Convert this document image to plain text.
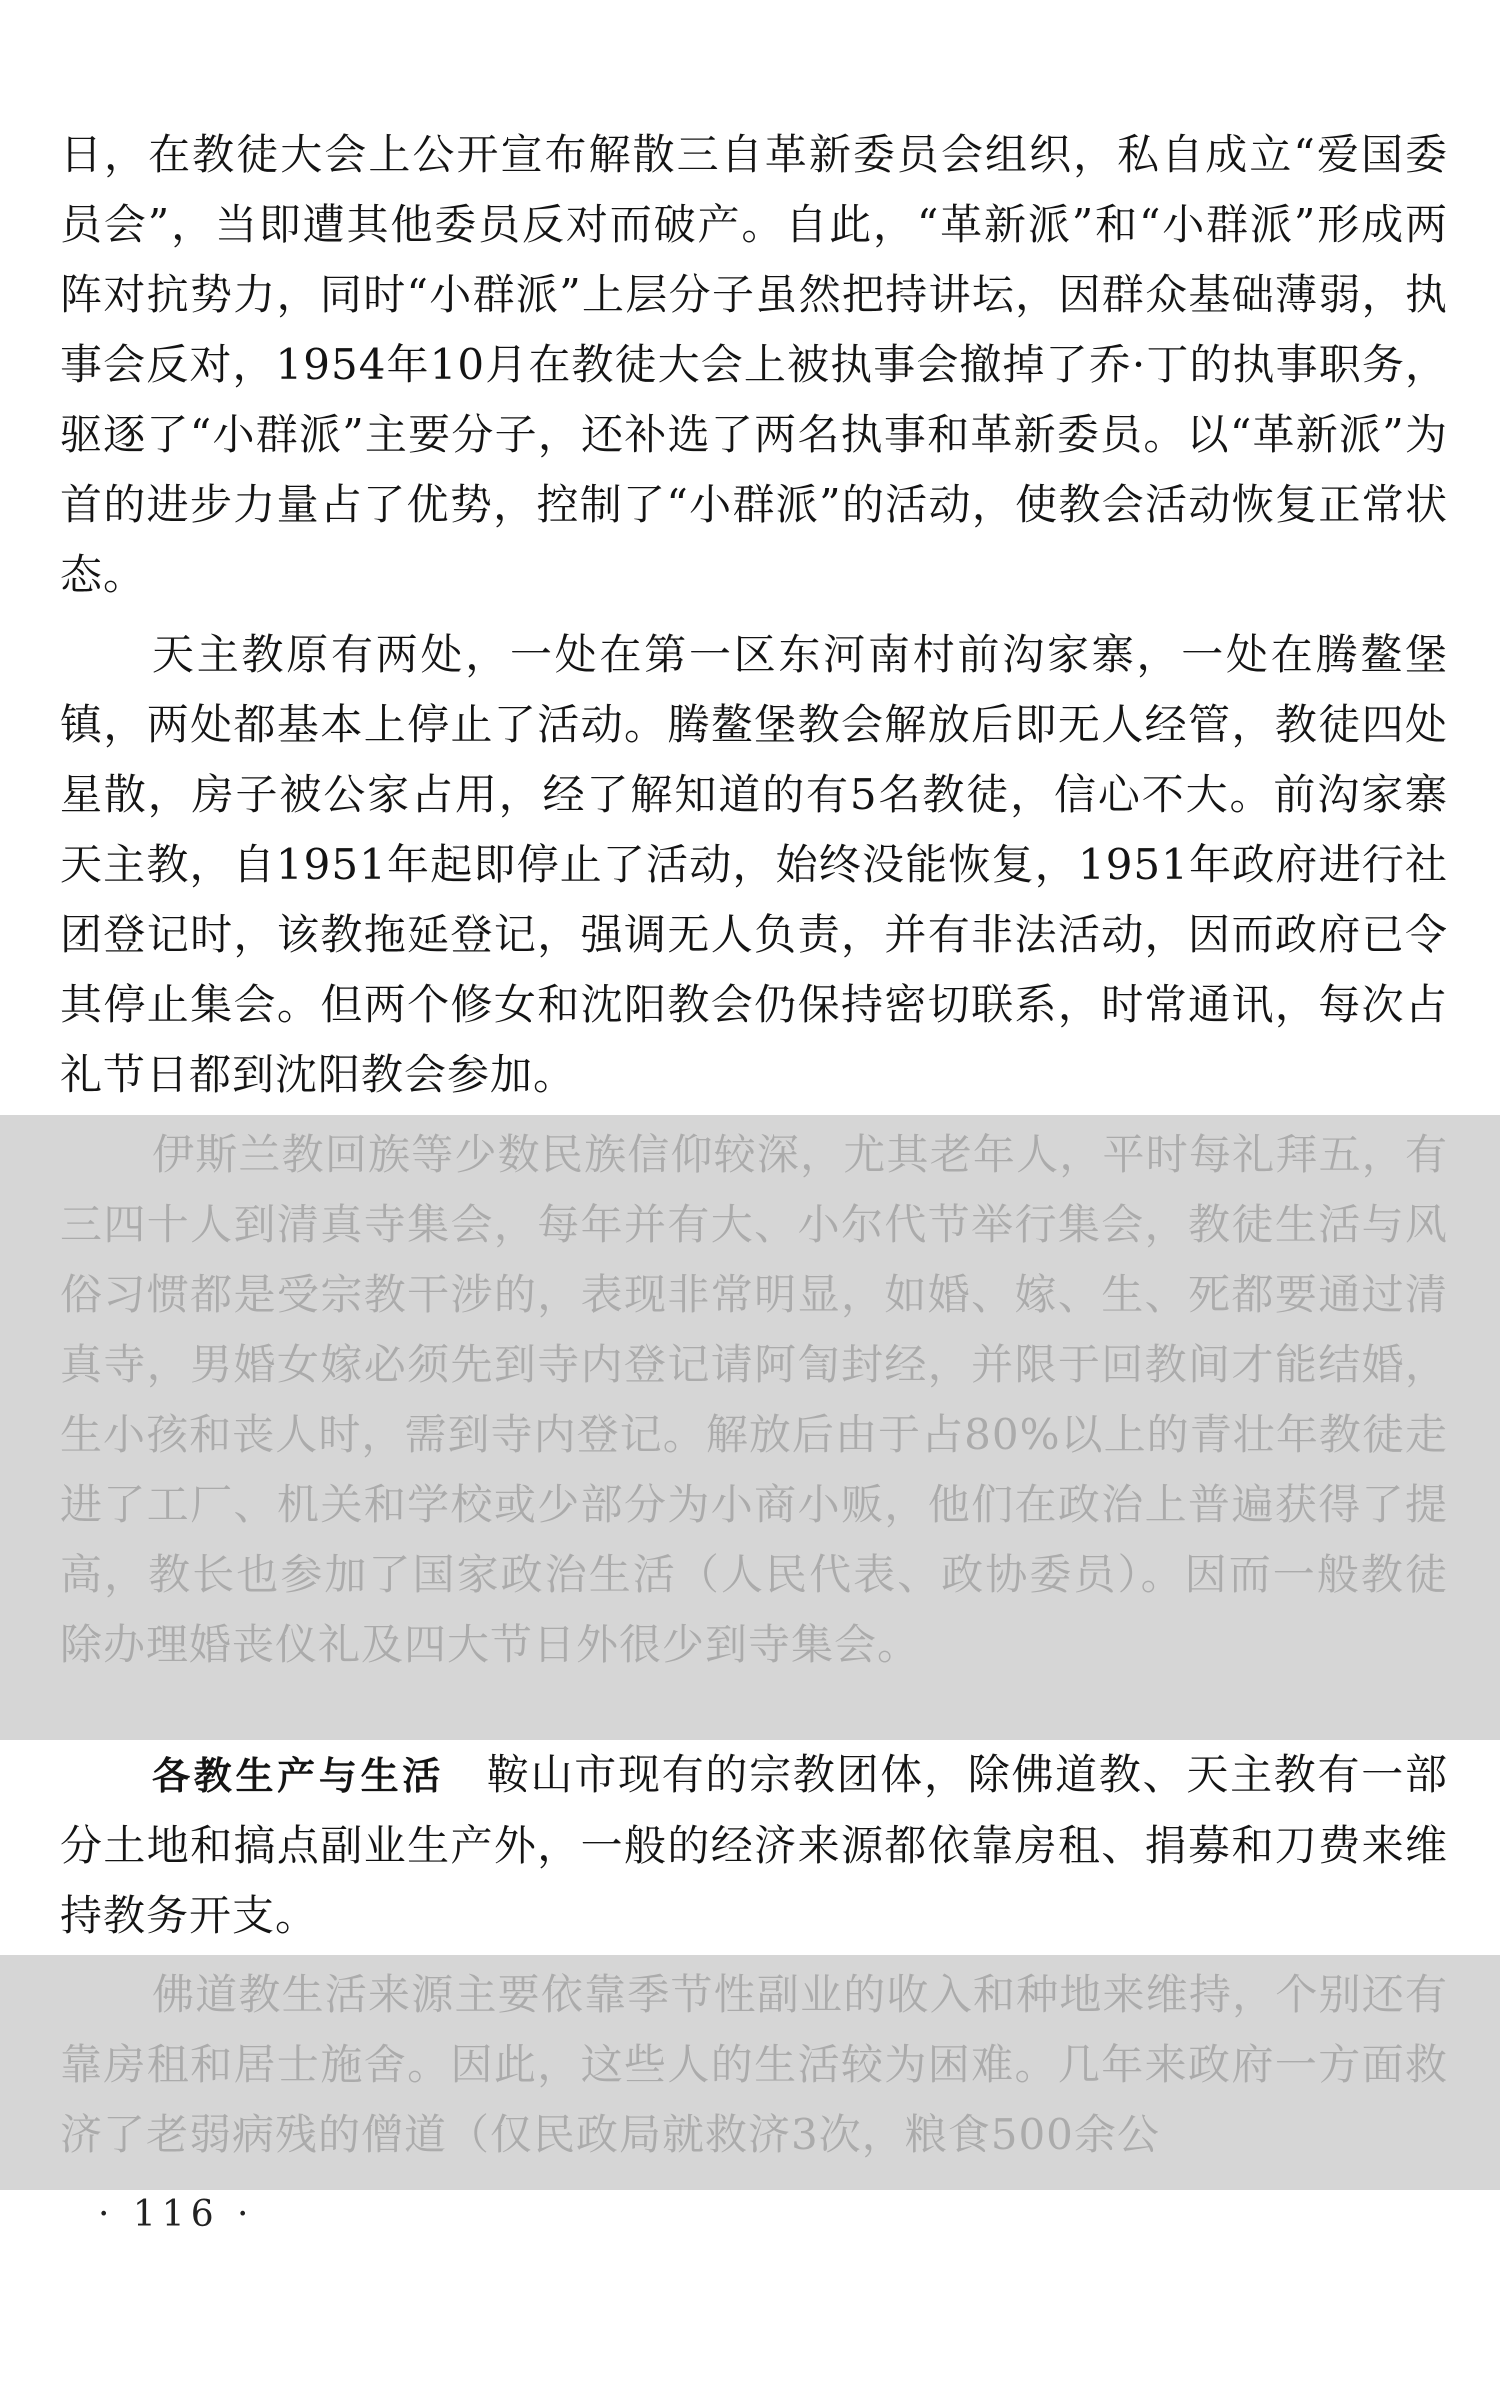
日，在教徒大会上公开宣布解散三自革新委员会组织，私自成立“爱国委员会”，当即遭其他委员反对而破产。自此，“革新派”和“小群派”形成两阵对抗势力，同时“小群派”上层分子虽然把持讲坛，因群众基础薄弱，执事会反对，1954年10月在教徒大会上被执事会撤掉了乔·丁的执事职务，驱逐了“小群派”主要分子，还补选了两名执事和革新委员。以“革新派”为首的进步力量占了优势，控制了“小群派”的活动，使教会活动恢复正常状态。

天主教原有两处，一处在第一区东河南村前沟家寨，一处在腾鳌堡镇，两处都基本上停止了活动。腾鳌堡教会解放后即无人经管，教徒四处星散，房子被公家占用，经了解知道的有5名教徒，信心不大。前沟家寨天主教，自1951年起即停止了活动，始终没能恢复，1951年政府进行社团登记时，该教拖延登记，强调无人负责，并有非法活动，因而政府已令其停止集会。但两个修女和沈阳教会仍保持密切联系，时常通讯，每次占礼节日都到沈阳教会参加。

伊斯兰教回族等少数民族信仰较深，尤其老年人，平时每礼拜五，有三四十人到清真寺集会，每年并有大、小尔代节举行集会，教徒生活与风俗习惯都是受宗教干涉的，表现非常明显，如婚、嫁、生、死都要通过清真寺，男婚女嫁必须先到寺内登记请阿訇封经，并限于回教间才能结婚，生小孩和丧人时，需到寺内登记。解放后由于占80%以上的青壮年教徒走进了工厂、机关和学校或少部分为小商小贩，他们在政治上普遍获得了提高，教长也参加了国家政治生活（人民代表、政协委员）。因而一般教徒除办理婚丧仪礼及四大节日外很少到寺集会。

各教生产与生活 鞍山市现有的宗教团体，除佛道教、天主教有一部分土地和搞点副业生产外，一般的经济来源都依靠房租、捐募和刀费来维持教务开支。

佛道教生活来源主要依靠季节性副业的收入和种地来维持，个别还有靠房租和居士施舍。因此，这些人的生活较为困难。几年来政府一方面救济了老弱病残的僧道（仅民政局就救济3次，粮食500余公

· 116 ·
